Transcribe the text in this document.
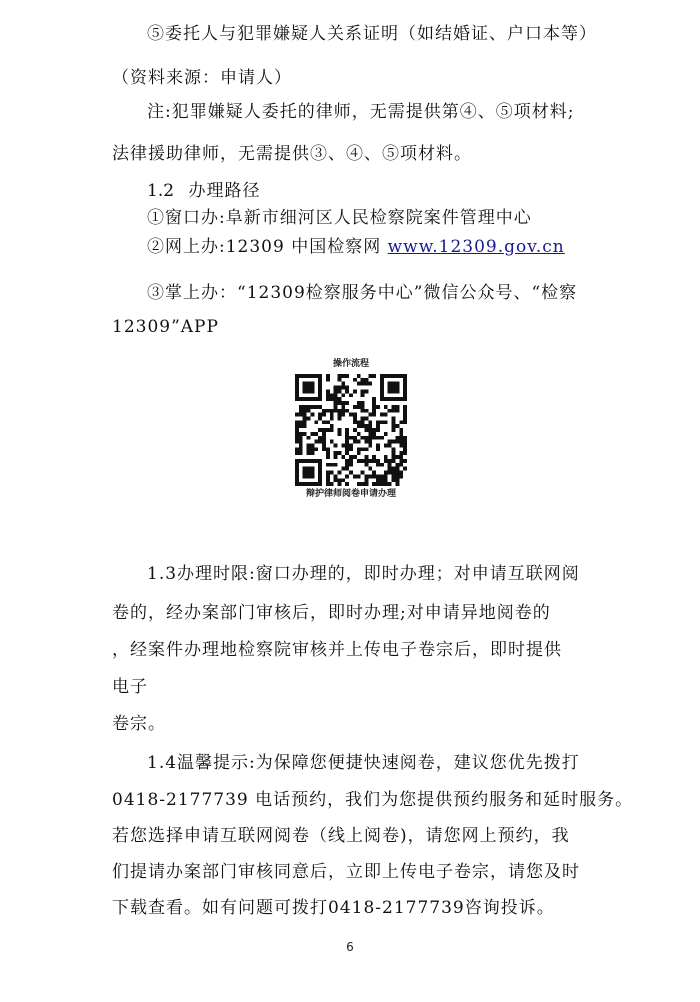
⑤委托人与犯罪嫌疑人关系证明（如结婚证、户口本等）
（资料来源：申请人）
注:犯罪嫌疑人委托的律师，无需提供第④、⑤项材料;
法律援助律师，无需提供③、④、⑤项材料。
1.2 办理路径
①窗口办:阜新市细河区人民检察院案件管理中心
②网上办:12309 中国检察网 www.12309.gov.cn
③掌上办：“12309检察服务中心”微信公众号、“检察
12309”APP
操作流程
辩护律师阅卷申请办理
1.3办理时限:窗口办理的，即时办理；对申请互联网阅
卷的，经办案部门审核后，即时办理;对申请异地阅卷的
，经案件办理地检察院审核并上传电子卷宗后，即时提供
电子
卷宗。
1.4温馨提示:为保障您便捷快速阅卷，建议您优先拨打
0418-2177739 电话预约，我们为您提供预约服务和延时服务。
若您选择申请互联网阅卷（线上阅卷)，请您网上预约，我
们提请办案部门审核同意后，立即上传电子卷宗，请您及时
下载查看。如有问题可拨打0418-2177739咨询投诉。
6
